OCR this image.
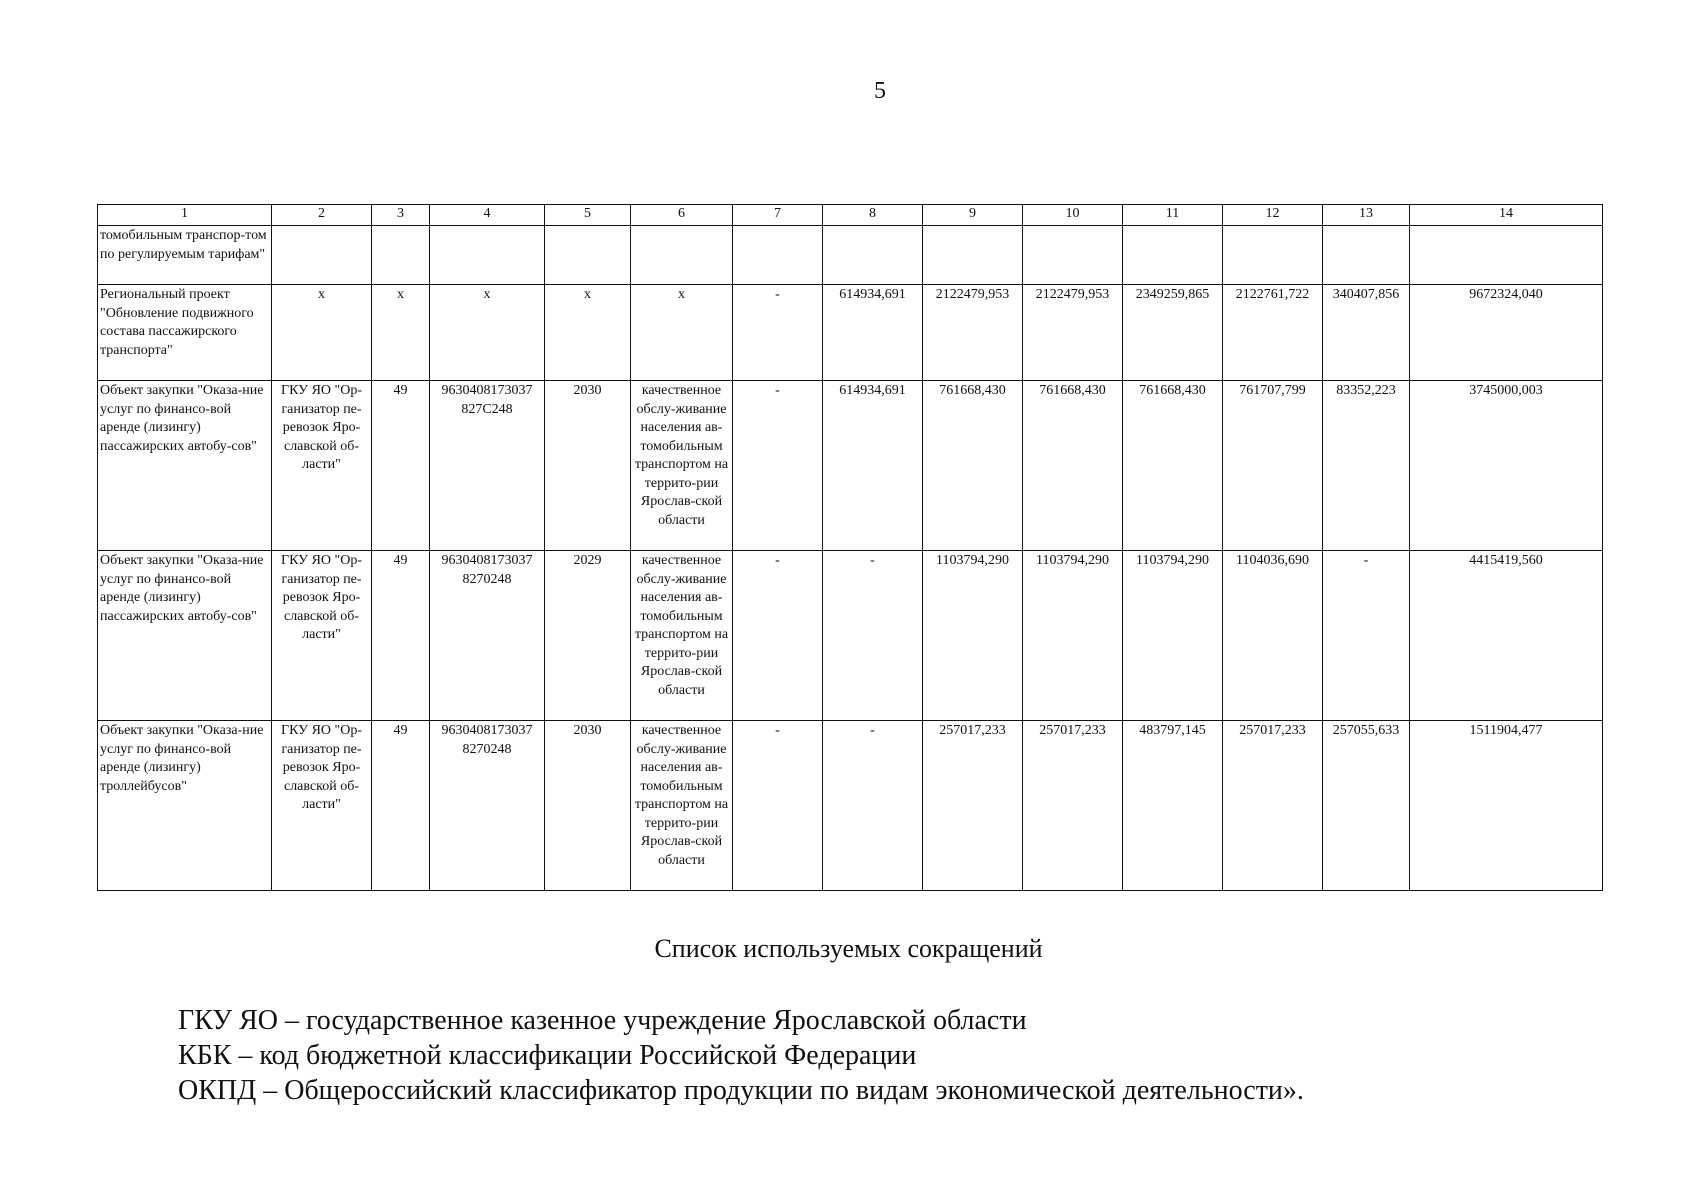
5
1	2	3	4	5	6	7	8	9	10	11	12	13	14
томобильным транспор-том по регулируемым тарифам"													
Региональный проект "Обновление подвижного состава пассажирского транспорта"	x	x	x	x	x	-	614934,691	2122479,953	2122479,953	2349259,865	2122761,722	340407,856	9672324,040
Объект закупки "Оказа-ние услуг по финансо-вой аренде (лизингу) пассажирских автобу-сов"	ГКУ ЯО "Ор-ганизатор пе-ревозок Яро-славской об-ласти"	49	9630408173037 827С248	2030	качественное обслу-живание населения ав-томобильным транспортом на террито-рии Ярослав-ской области	-	614934,691	761668,430	761668,430	761668,430	761707,799	83352,223	3745000,003
Объект закупки "Оказа-ние услуг по финансо-вой аренде (лизингу) пассажирских автобу-сов"	ГКУ ЯО "Ор-ганизатор пе-ревозок Яро-славской об-ласти"	49	9630408173037 8270248	2029	качественное обслу-живание населения ав-томобильным транспортом на террито-рии Ярослав-ской области	-	-	1103794,290	1103794,290	1103794,290	1104036,690	-	4415419,560
Объект закупки "Оказа-ние услуг по финансо-вой аренде (лизингу) троллейбусов"	ГКУ ЯО "Ор-ганизатор пе-ревозок Яро-славской об-ласти"	49	9630408173037 8270248	2030	качественное обслу-живание населения ав-томобильным транспортом на террито-рии Ярослав-ской области	-	-	257017,233	257017,233	483797,145	257017,233	257055,633	1511904,477
Список используемых сокращений
ГКУ ЯО – государственное казенное учреждение Ярославской области
КБК – код бюджетной классификации Российской Федерации
ОКПД – Общероссийский классификатор продукции по видам экономической деятельности».
